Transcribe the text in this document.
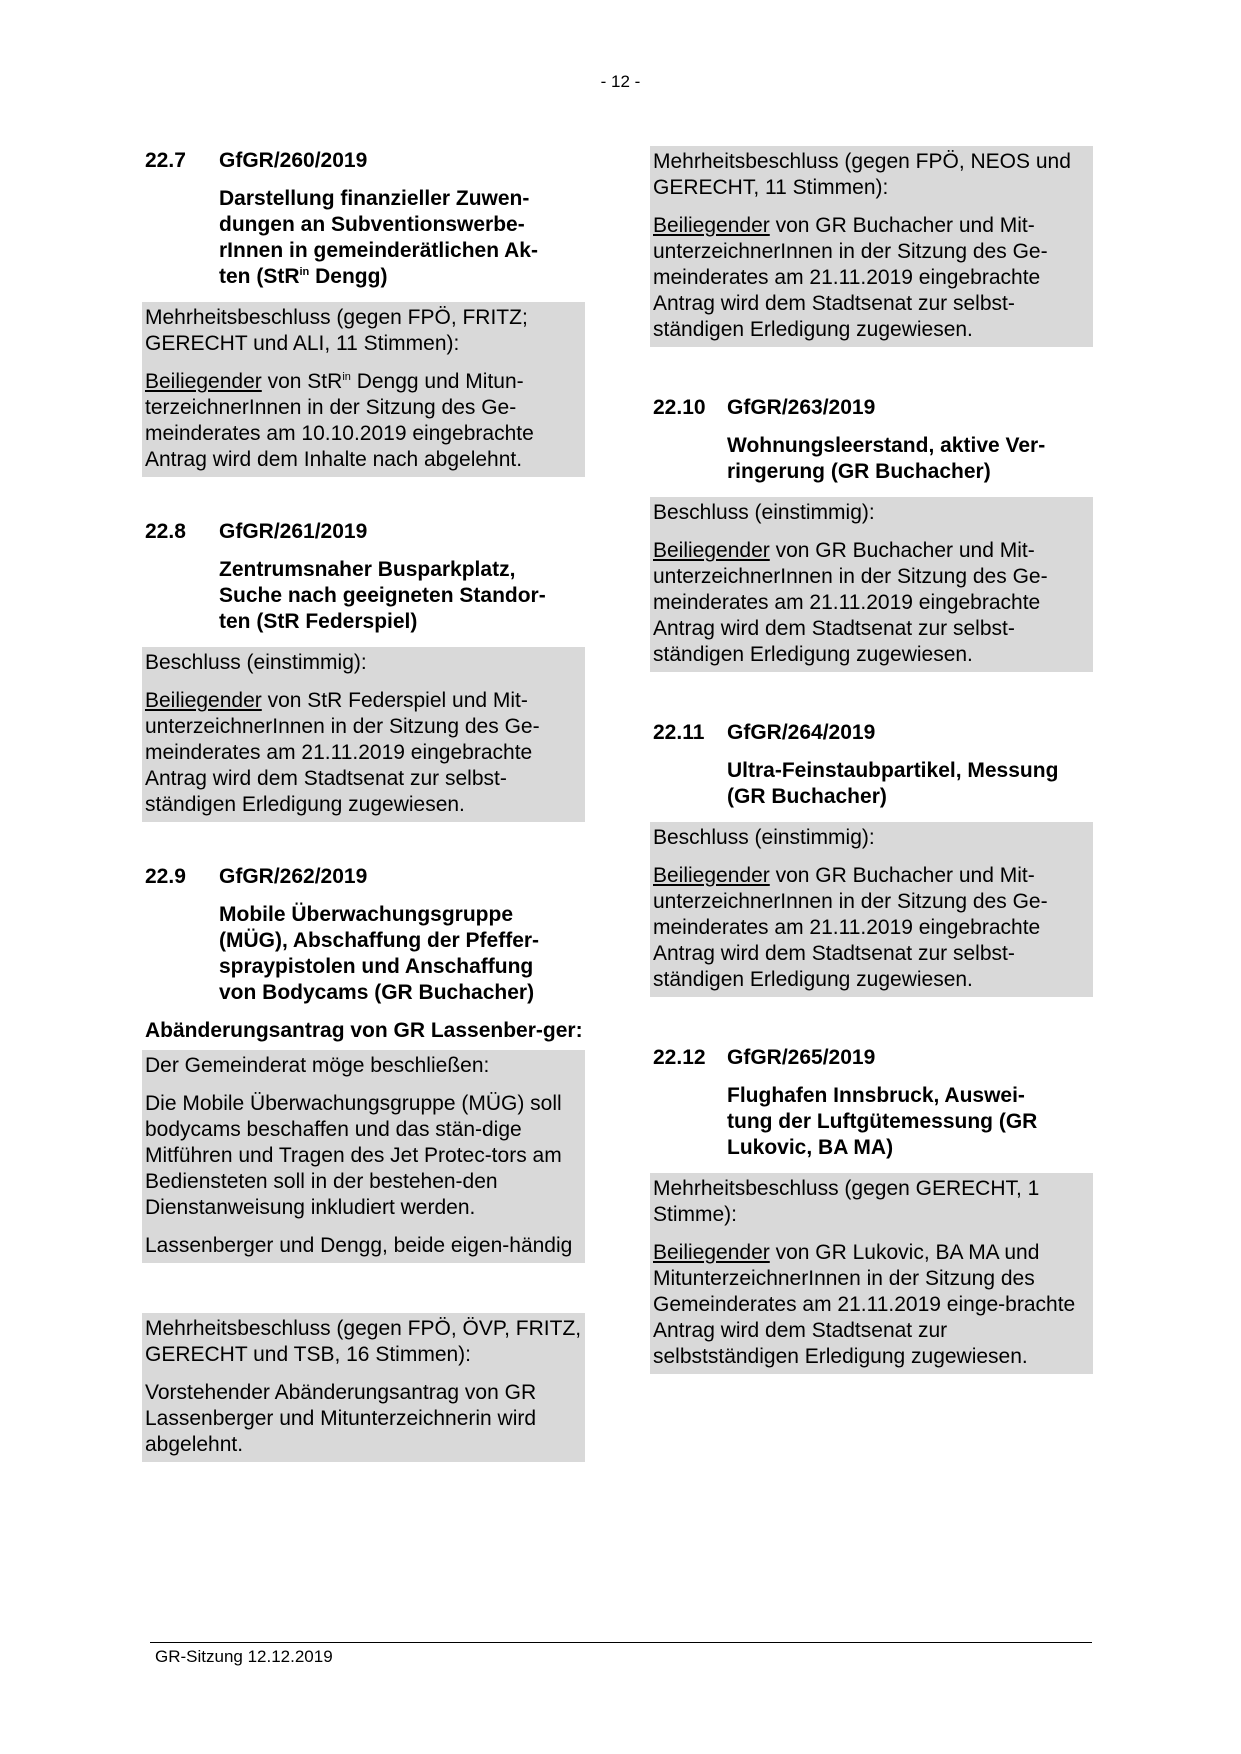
- 12 -
22.7	GfGR/260/2019
Darstellung finanzieller Zuwen-dungen an Subventionswerbe-rInnen in gemeinderätlichen Ak-ten (StR$^{in}$ Dengg)

Mehrheitsbeschluss (gegen FPÖ, FRITZ; GERECHT und ALI, 11 Stimmen):

Beiliegender von StR$^{in}$ Dengg und Mitun-terzeichnerInnen in der Sitzung des Ge-meinderates am 10.10.2019 eingebrachte Antrag wird dem Inhalte nach abgelehnt.

22.8	GfGR/261/2019
Zentrumsnaher Busparkplatz, Suche nach geeigneten Standor-ten (StR Federspiel)

Beschluss (einstimmig):

Beiliegender von StR Federspiel und Mit-unterzeichnerInnen in der Sitzung des Ge-meinderates am 21.11.2019 eingebrachte Antrag wird dem Stadtsenat zur selbst-ständigen Erledigung zugewiesen.

22.9	GfGR/262/2019
Mobile Überwachungsgruppe (MÜG), Abschaffung der Pfeffer-spraypistolen und Anschaffung von Bodycams (GR Buchacher)
Abänderungsantrag von GR Lassenber-ger:

Der Gemeinderat möge beschließen:

Die Mobile Überwachungsgruppe (MÜG) soll bodycams beschaffen und das stän-dige Mitführen und Tragen des Jet Protec-tors am Bediensteten soll in der bestehen-den Dienstanweisung inkludiert werden.

Lassenberger und Dengg, beide eigen-händig

Mehrheitsbeschluss (gegen FPÖ, ÖVP, FRITZ, GERECHT und TSB, 16 Stimmen):

Vorstehender Abänderungsantrag von GR Lassenberger und Mitunterzeichnerin wird abgelehnt.

Mehrheitsbeschluss (gegen FPÖ, NEOS und GERECHT, 11 Stimmen):

Beiliegender von GR Buchacher und Mit-unterzeichnerInnen in der Sitzung des Ge-meinderates am 21.11.2019 eingebrachte Antrag wird dem Stadtsenat zur selbst-ständigen Erledigung zugewiesen.

22.10	GfGR/263/2019
Wohnungsleerstand, aktive Ver-ringerung (GR Buchacher)

Beschluss (einstimmig):

Beiliegender von GR Buchacher und Mit-unterzeichnerInnen in der Sitzung des Ge-meinderates am 21.11.2019 eingebrachte Antrag wird dem Stadtsenat zur selbst-ständigen Erledigung zugewiesen.

22.11	GfGR/264/2019
Ultra-Feinstaubpartikel, Messung (GR Buchacher)

Beschluss (einstimmig):

Beiliegender von GR Buchacher und Mit-unterzeichnerInnen in der Sitzung des Ge-meinderates am 21.11.2019 eingebrachte Antrag wird dem Stadtsenat zur selbst-ständigen Erledigung zugewiesen.

22.12	GfGR/265/2019
Flughafen Innsbruck, Auswei-tung der Luftgütemessung (GR Lukovic, BA MA)

Mehrheitsbeschluss (gegen GERECHT, 1 Stimme):

Beiliegender von GR Lukovic, BA MA und MitunterzeichnerInnen in der Sitzung des Gemeinderates am 21.11.2019 einge-brachte Antrag wird dem Stadtsenat zur selbstständigen Erledigung zugewiesen.

GR-Sitzung 12.12.2019
